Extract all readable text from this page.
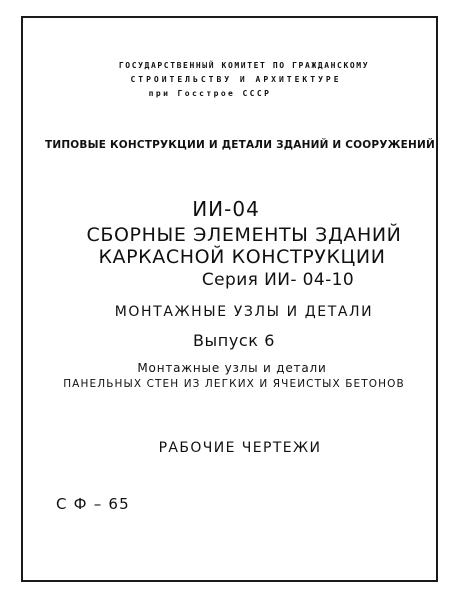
ГОСУДАРСТВЕННЫЙ КОМИТЕТ ПО ГРАЖДАНСКОМУ
СТРОИТЕЛЬСТВУ И АРХИТЕКТУРЕ
при Госстрое СССР
ТИПОВЫЕ КОНСТРУКЦИИ И ДЕТАЛИ ЗДАНИЙ И СООРУЖЕНИЙ
ИИ-04
СБОРНЫЕ ЭЛЕМЕНТЫ ЗДАНИЙ
КАРКАСНОЙ КОНСТРУКЦИИ
Серия ИИ- 04-10
МОНТАЖНЫЕ УЗЛЫ И ДЕТАЛИ
Выпуск 6
Монтажные узлы и детали
ПАНЕЛЬНЫХ СТЕН ИЗ ЛЕГКИХ И ЯЧЕИСТЫХ БЕТОНОВ
РАБОЧИЕ ЧЕРТЕЖИ
С Ф – 65
